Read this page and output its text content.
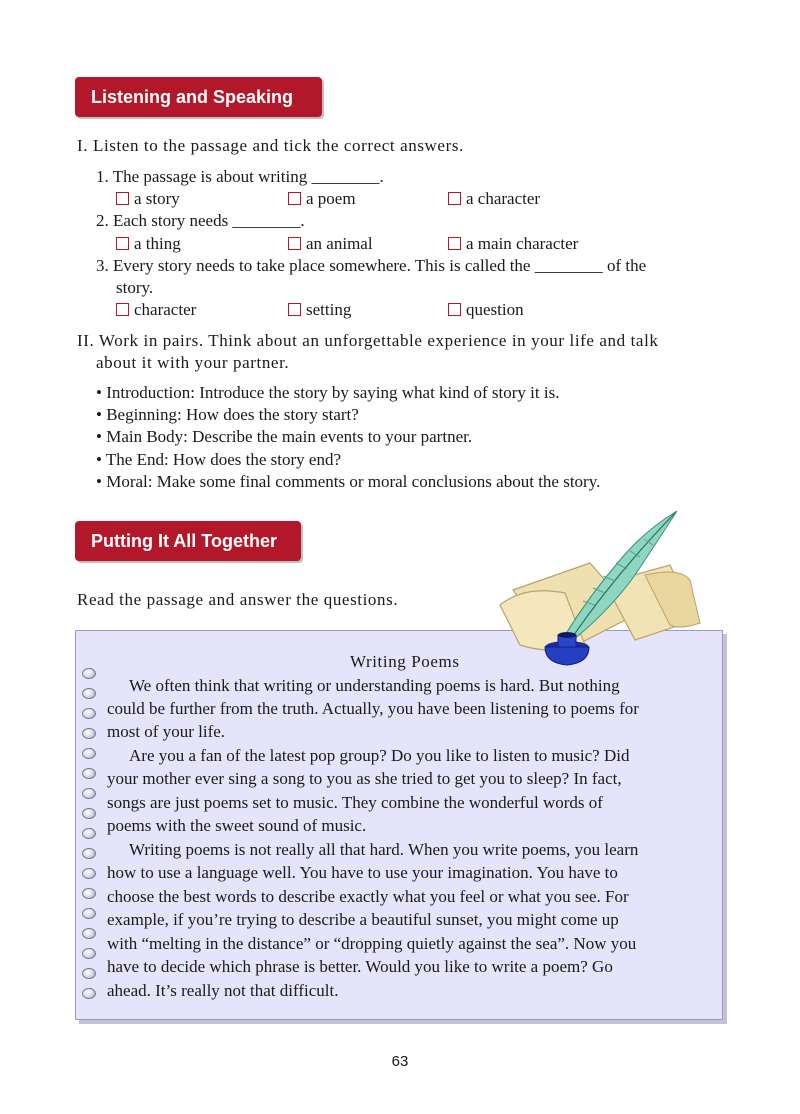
Listening and Speaking
I. Listen to the passage and tick the correct answers.
1. The passage is about writing ________.
a story	a poem	a character
2. Each story needs ________.
a thing	an animal	a main character
3. Every story needs to take place somewhere. This is called the ________ of the
story.
character	setting	question
II. Work in pairs. Think about an unforgettable experience in your life and talk
about it with your partner.
• Introduction: Introduce the story by saying what kind of story it is.
• Beginning: How does the story start?
• Main Body: Describe the main events to your partner.
• The End: How does the story end?
• Moral: Make some final comments or moral conclusions about the story.
Putting It All Together
Read the passage and answer the questions.
Writing Poems
We often think that writing or understanding poems is hard. But nothing
could be further from the truth. Actually, you have been listening to poems for
most of your life.
Are you a fan of the latest pop group? Do you like to listen to music? Did
your mother ever sing a song to you as she tried to get you to sleep? In fact,
songs are just poems set to music. They combine the wonderful words of
poems with the sweet sound of music.
Writing poems is not really all that hard. When you write poems, you learn
how to use a language well. You have to use your imagination. You have to
choose the best words to describe exactly what you feel or what you see. For
example, if you’re trying to describe a beautiful sunset, you might come up
with “melting in the distance” or “dropping quietly against the sea”. Now you
have to decide which phrase is better. Would you like to write a poem? Go
ahead. It’s really not that difficult.
63
